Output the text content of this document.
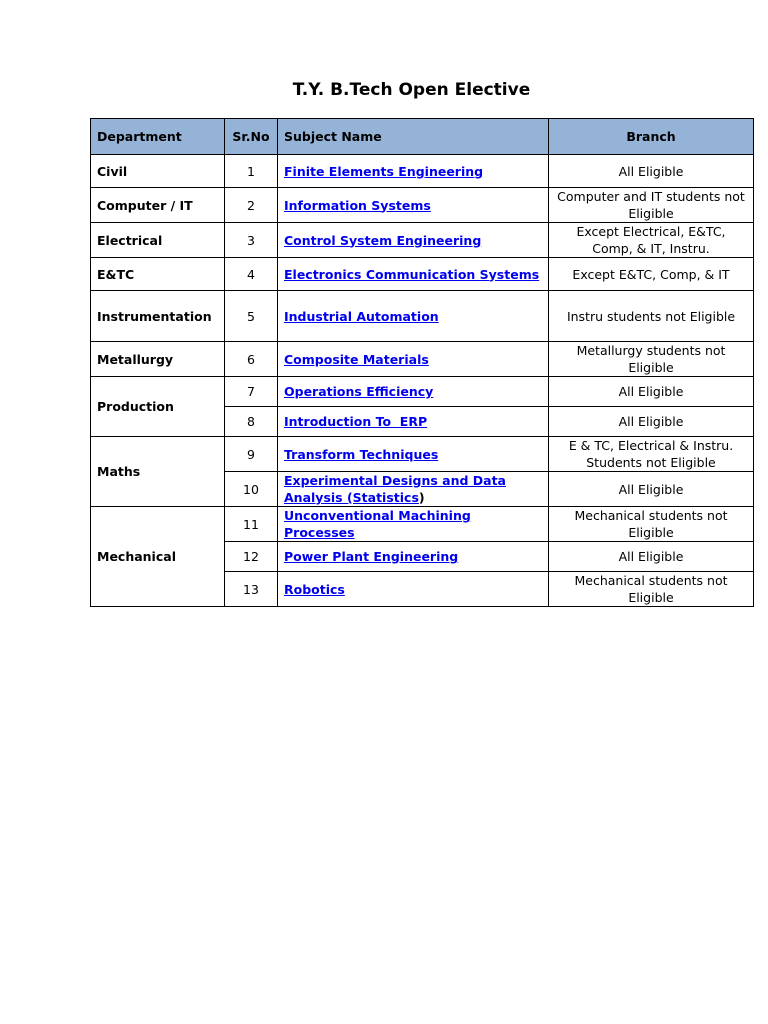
T.Y. B.Tech Open Elective
Department	Sr.No	Subject Name	Branch
Civil	1	Finite Elements Engineering	All Eligible
Computer / IT	2	Information Systems	Computer and IT students not Eligible
Electrical	3	Control System Engineering	Except Electrical, E&TC, Comp, & IT, Instru.
E&TC	4	Electronics Communication Systems	Except E&TC, Comp, & IT
Instrumentation	5	Industrial Automation	Instru students not Eligible
Metallurgy	6	Composite Materials	Metallurgy students not Eligible
Production	7	Operations Efficiency	All Eligible
	8	Introduction To  ERP	All Eligible
Maths	9	Transform Techniques	E & TC, Electrical & Instru. Students not Eligible
	10	Experimental Designs and Data Analysis (Statistics)	All Eligible
Mechanical	11	Unconventional Machining Processes	Mechanical students not Eligible
	12	Power Plant Engineering	All Eligible
	13	Robotics	Mechanical students not Eligible
